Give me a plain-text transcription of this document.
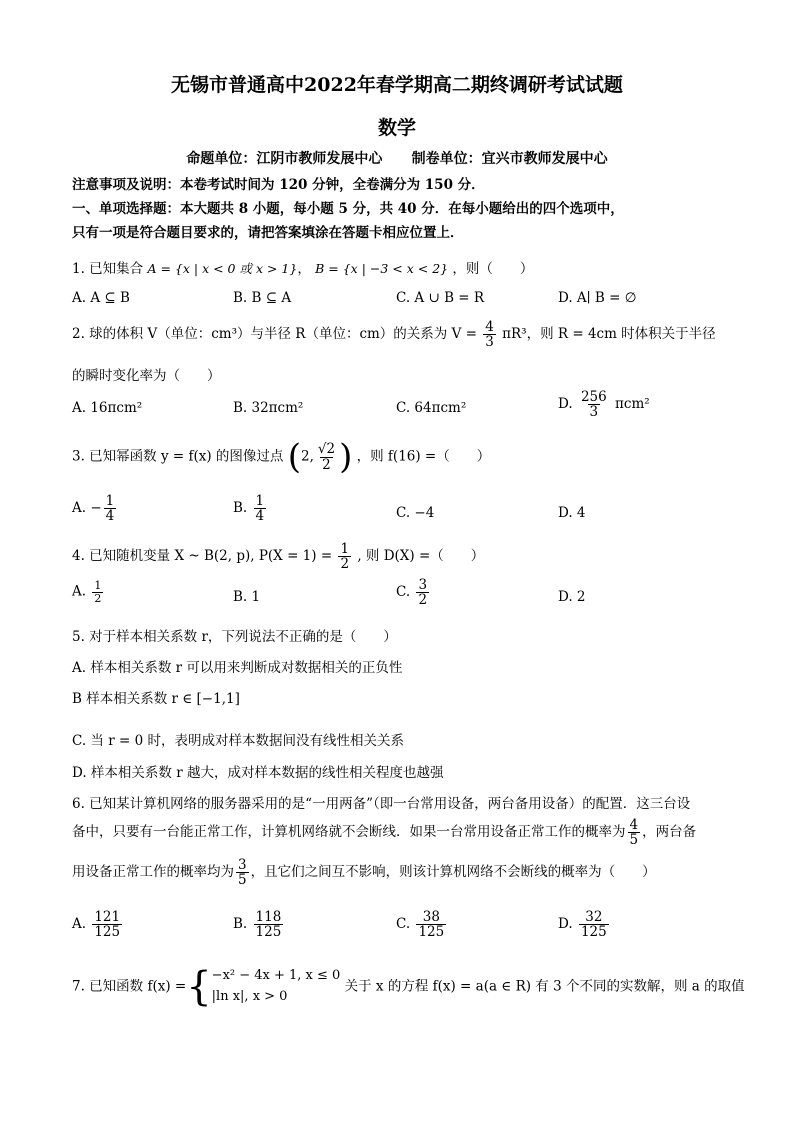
无锡市普通高中2022年春学期高二期终调研考试试题
数学
命题单位：江阴市教师发展中心      制卷单位：宜兴市教师发展中心
注意事项及说明：本卷考试时间为 120 分钟，全卷满分为 150 分．
一、单项选择题：本大题共 8 小题，每小题 5 分，共 40 分．在每小题给出的四个选项中，
只有一项是符合题目要求的，请把答案填涂在答题卡相应位置上．
1. 已知集合 A = {x | x < 0 或 x > 1}， B = {x | −3 < x < 2} ，则（　　）
A. A ⊆ B	B. B ⊆ A	C. A ∪ B = R	D. A∣ B = ∅
2. 球的体积 V（单位：cm³）与半径 R（单位：cm）的关系为 $V = \frac{4}{3} \pi R^3$，则 R = 4cm 时体积关于半径
的瞬时变化率为（　　）
A. 16πcm²	B. 32πcm²	C. 64πcm²	D. $\frac{256}{3} \pi cm^2$
3. 已知幂函数 y = f(x) 的图像过点 (2, $\frac{√2}{2}$ ) ，则 f(16) =（　　）
A. − $\frac{1}{4}$	B. $\frac{1}{4}$	C. −4	D. 4
4. 已知随机变量 X ~ B(2, p), $P(X = 1) = \frac{1}{2}$ , 则 D(X) =（　　）
A. $\frac{1}{2}$	B. 1	C. $\frac{3}{2}$	D. 2
5. 对于样本相关系数 r，下列说法不正确的是（　　）
A. 样本相关系数 r 可以用来判断成对数据相关的正负性
B 样本相关系数 r ∈ [−1,1]
C. 当 r = 0 时，表明成对样本数据间没有线性相关关系
D. 样本相关系数 r 越大，成对样本数据的线性相关程度也越强
6. 已知某计算机网络的服务器采用的是“一用两备”（即一台常用设备，两台备用设备）的配置．这三台设
备中，只要有一台能正常工作，计算机网络就不会断线．如果一台常用设备正常工作的概率为 $\frac{4}{5}$ ，两台备
用设备正常工作的概率均为 $\frac{3}{5}$ ，且它们之间互不影响，则该计算机网络不会断线的概率为（　　）
A. $\frac{121}{125}$	B. $\frac{118}{125}$	C. $\frac{38}{125}$	D. $\frac{32}{125}$
7. 已知函数 f(x) ={ −x² − 4x + 1, x ≤ 0
|ln x|, x > 0
关于 x 的方程 f(x) = a(a ∈ R) 有 3 个不同的实数解，则 a 的取值
